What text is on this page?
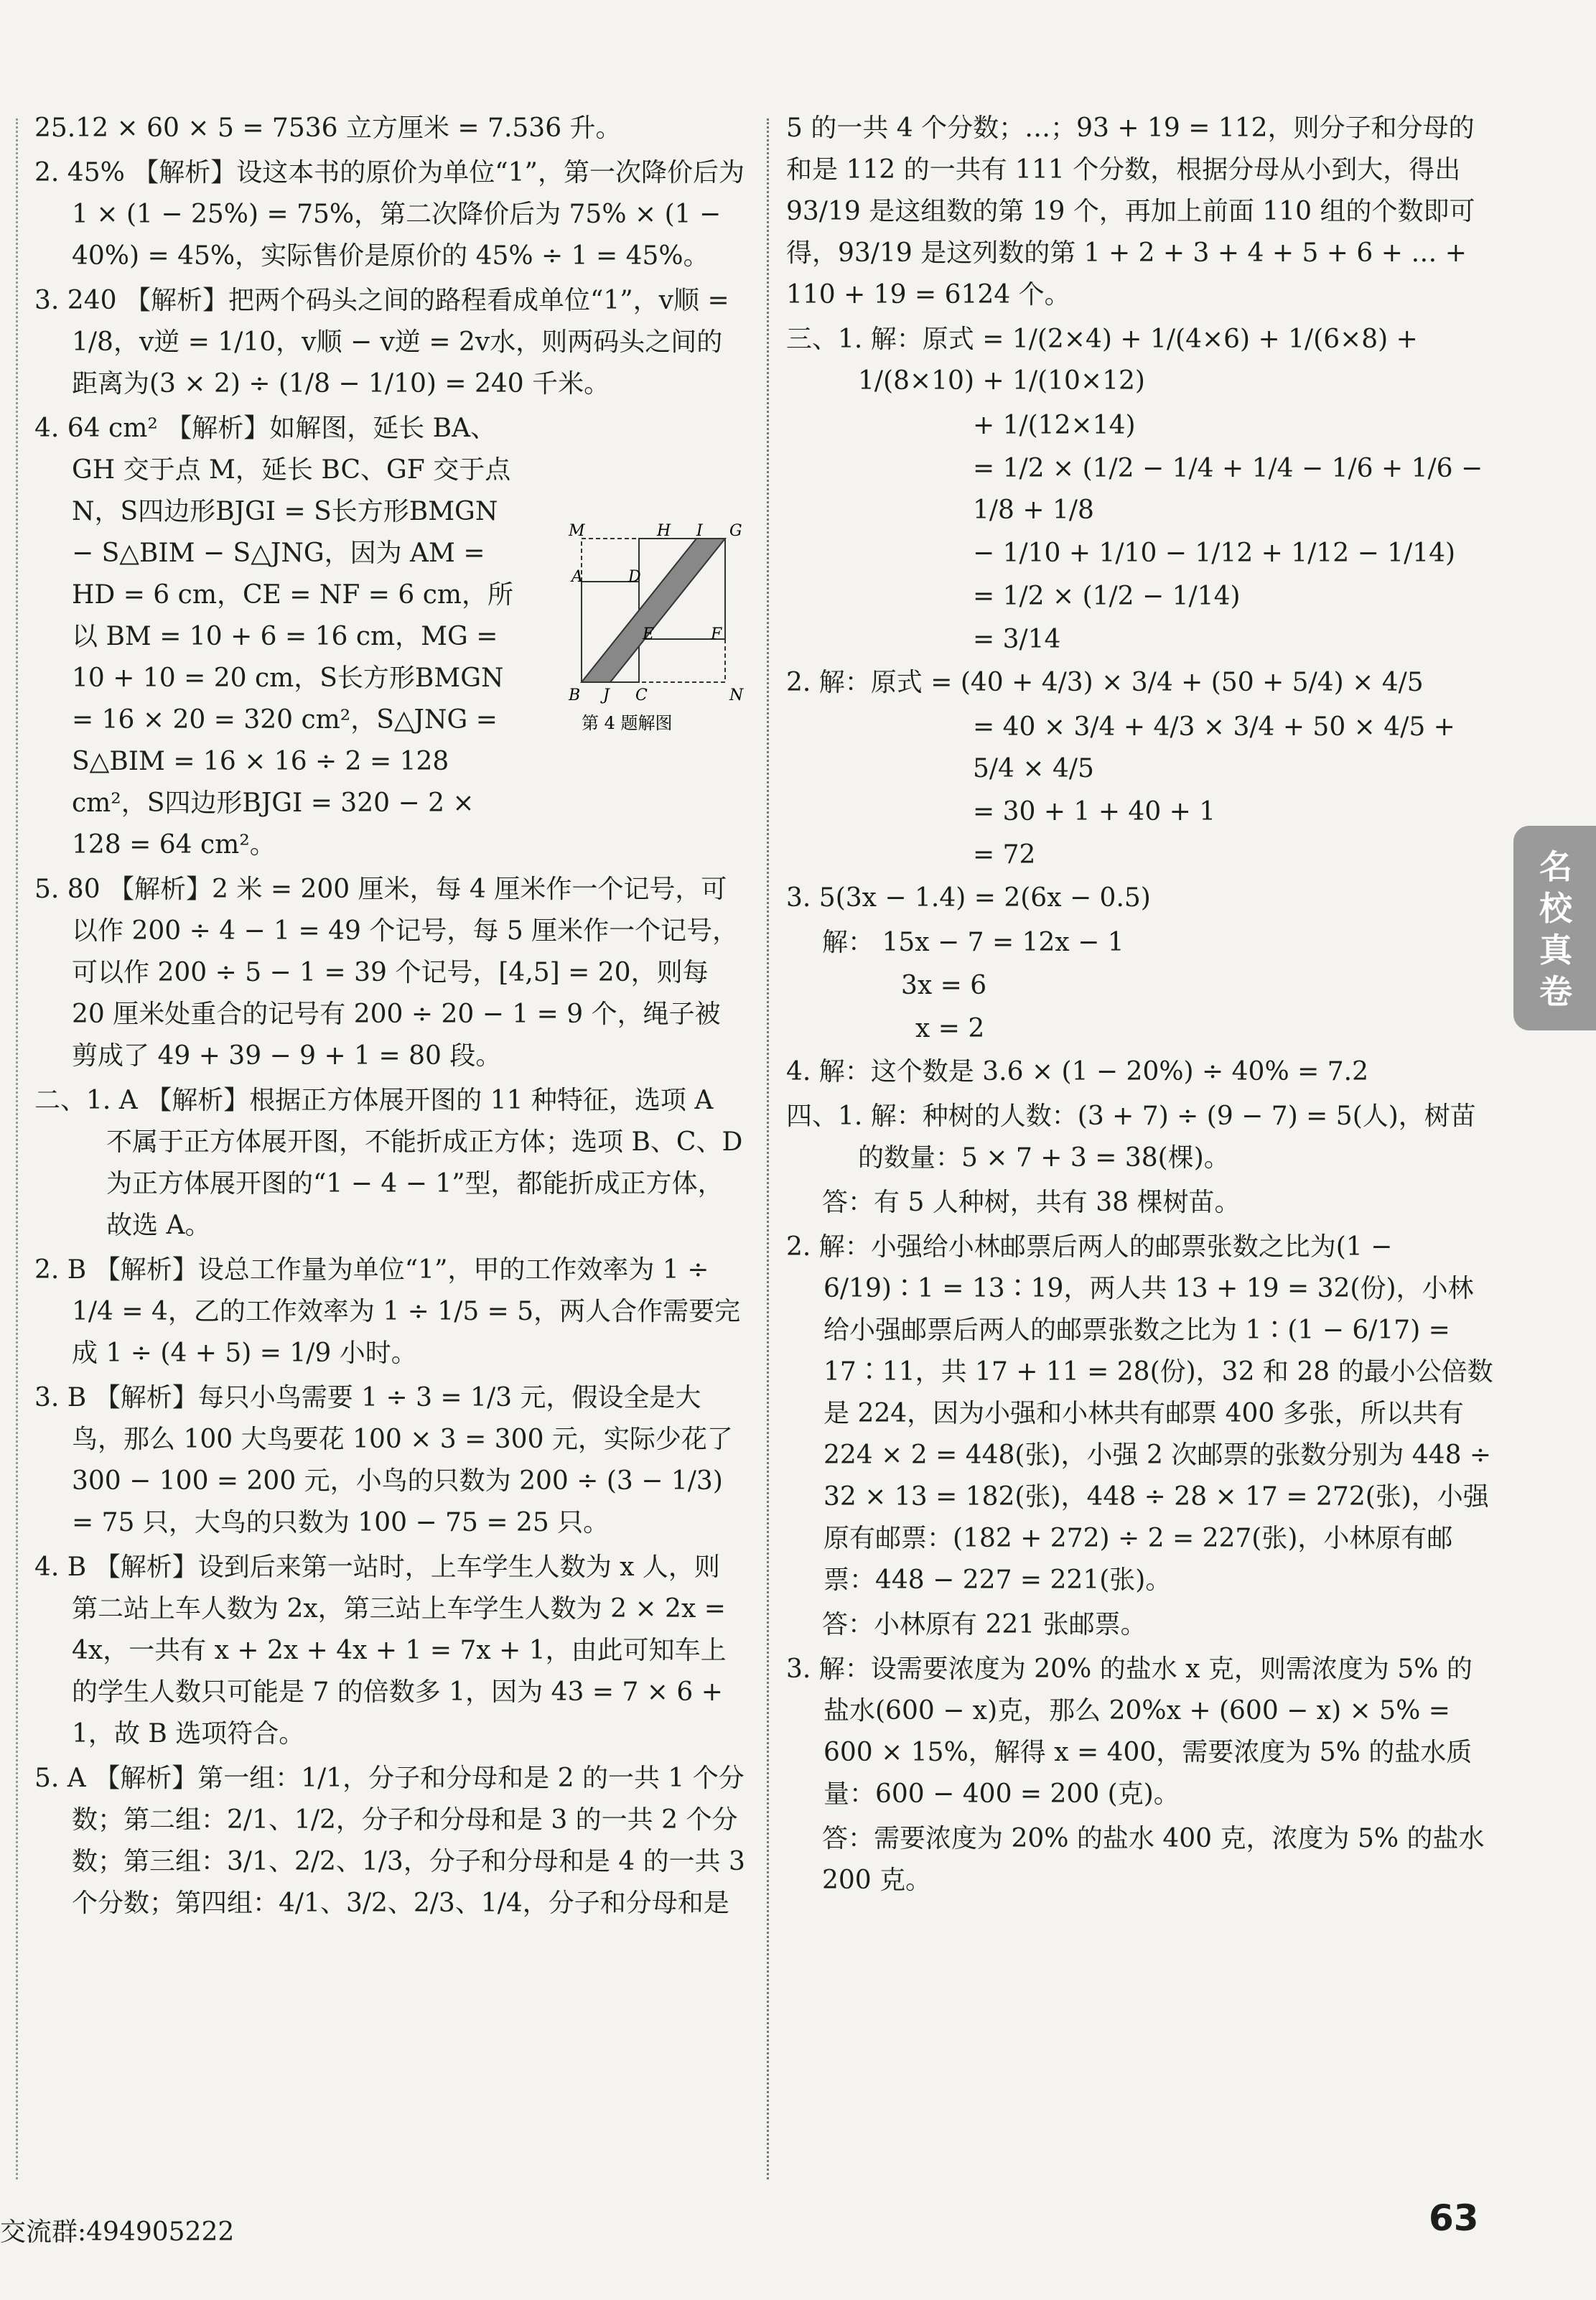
25.12 × 60 × 5 = 7536 立方厘米 = 7.536 升。

2. 45% 【解析】设这本书的原价为单位“1”，第一次降价后为 1 × (1 − 25%) = 75%，第二次降价后为 75% × (1 − 40%) = 45%，实际售价是原价的 45% ÷ 1 = 45%。

3. 240 【解析】把两个码头之间的路程看成单位“1”，v顺 = 1/8，v逆 = 1/10，v顺 − v逆 = 2v水，则两码头之间的距离为(3 × 2) ÷ (1/8 − 1/10) = 240 千米。

4. 64 cm² 【解析】如解图，延长 BA、GH 交于点 M，延长 BC、GF 交于点 N，S四边形BJGI = S长方形BMGN − S△BIM − S△JNG，因为 AM = HD = 6 cm，CE = NF = 6 cm，所以 BM = 10 + 6 = 16 cm，MG = 10 + 10 = 20 cm，S长方形BMGN = 16 × 20 = 320 cm²，S△JNG = S△BIM = 16 × 16 ÷ 2 = 128 cm²，S四边形BJGI = 320 − 2 × 128 = 64 cm²。

5. 80 【解析】2 米 = 200 厘米，每 4 厘米作一个记号，可以作 200 ÷ 4 − 1 = 49 个记号，每 5 厘米作一个记号，可以作 200 ÷ 5 − 1 = 39 个记号，[4,5] = 20，则每 20 厘米处重合的记号有 200 ÷ 20 − 1 = 9 个，绳子被剪成了 49 + 39 − 9 + 1 = 80 段。

二、1. A 【解析】根据正方体展开图的 11 种特征，选项 A 不属于正方体展开图，不能折成正方体；选项 B、C、D 为正方体展开图的“1 − 4 − 1”型，都能折成正方体，故选 A。

2. B 【解析】设总工作量为单位“1”，甲的工作效率为 1 ÷ 1/4 = 4，乙的工作效率为 1 ÷ 1/5 = 5，两人合作需要完成 1 ÷ (4 + 5) = 1/9 小时。

3. B 【解析】每只小鸟需要 1 ÷ 3 = 1/3 元，假设全是大鸟，那么 100 大鸟要花 100 × 3 = 300 元，实际少花了 300 − 100 = 200 元，小鸟的只数为 200 ÷ (3 − 1/3) = 75 只，大鸟的只数为 100 − 75 = 25 只。

4. B 【解析】设到后来第一站时，上车学生人数为 x 人，则第二站上车人数为 2x，第三站上车学生人数为 2 × 2x = 4x，一共有 x + 2x + 4x + 1 = 7x + 1，由此可知车上的学生人数只可能是 7 的倍数多 1，因为 43 = 7 × 6 + 1，故 B 选项符合。

5. A 【解析】第一组：1/1，分子和分母和是 2 的一共 1 个分数；第二组：2/1、1/2，分子和分母和是 3 的一共 2 个分数；第三组：3/1、2/2、1/3，分子和分母和是 4 的一共 3 个分数；第四组：4/1、3/2、2/3、1/4，分子和分母和是

M	H I G
A	D
E	F
B J C	N
第 4 题解图

5 的一共 4 个分数；…；93 + 19 = 112，则分子和分母的和是 112 的一共有 111 个分数，根据分母从小到大，得出 93/19 是这组数的第 19 个，再加上前面 110 组的个数即可得，93/19 是这列数的第 1 + 2 + 3 + 4 + 5 + 6 + … + 110 + 19 = 6124 个。

三、1. 解：原式 = 1/(2×4) + 1/(4×6) + 1/(6×8) + 1/(8×10) + 1/(10×12)

+ 1/(12×14)
= 1/2 × (1/2 − 1/4 + 1/4 − 1/6 + 1/6 − 1/8 + 1/8
− 1/10 + 1/10 − 1/12 + 1/12 − 1/14)
= 1/2 × (1/2 − 1/14)
= 3/14

2. 解：原式 = (40 + 4/3) × 3/4 + (50 + 5/4) × 4/5

= 40 × 3/4 + 4/3 × 3/4 + 50 × 4/5 + 5/4 × 4/5
= 30 + 1 + 40 + 1
= 72

3. 5(3x − 1.4) = 2(6x − 0.5)

解： 15x − 7 = 12x − 1
3x = 6
x = 2

4. 解：这个数是 3.6 × (1 − 20%) ÷ 40% = 7.2

四、1. 解：种树的人数：(3 + 7) ÷ (9 − 7) = 5(人)，树苗的数量：5 × 7 + 3 = 38(棵)。

答：有 5 人种树，共有 38 棵树苗。

2. 解：小强给小林邮票后两人的邮票张数之比为(1 − 6/19)∶1 = 13∶19，两人共 13 + 19 = 32(份)，小林给小强邮票后两人的邮票张数之比为 1∶(1 − 6/17) = 17∶11，共 17 + 11 = 28(份)，32 和 28 的最小公倍数是 224，因为小强和小林共有邮票 400 多张，所以共有 224 × 2 = 448(张)，小强 2 次邮票的张数分别为 448 ÷ 32 × 13 = 182(张)，448 ÷ 28 × 17 = 272(张)，小强原有邮票：(182 + 272) ÷ 2 = 227(张)，小林原有邮票：448 − 227 = 221(张)。

答：小林原有 221 张邮票。

3. 解：设需要浓度为 20% 的盐水 x 克，则需浓度为 5% 的盐水(600 − x)克，那么 20%x + (600 − x) × 5% = 600 × 15%，解得 x = 400，需要浓度为 5% 的盐水质量：600 − 400 = 200 (克)。

答：需要浓度为 20% 的盐水 400 克，浓度为 5% 的盐水 200 克。

名校真卷
交流群:494905222	63
